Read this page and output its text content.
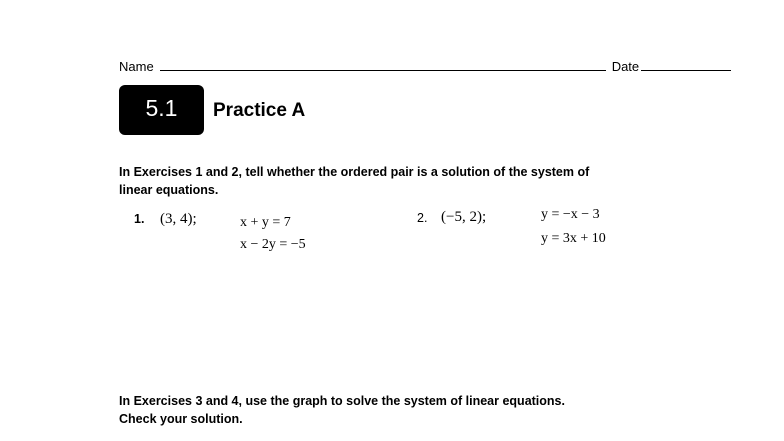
Name	Date
5.1 Practice A
In Exercises 1 and 2, tell whether the ordered pair is a solution of the system of linear equations.
1. (3, 4);	x + y = 7
x − 2y = −5
2. (−5, 2);	y = −x − 3
y = 3x + 10
In Exercises 3 and 4, use the graph to solve the system of linear equations. Check your solution.
